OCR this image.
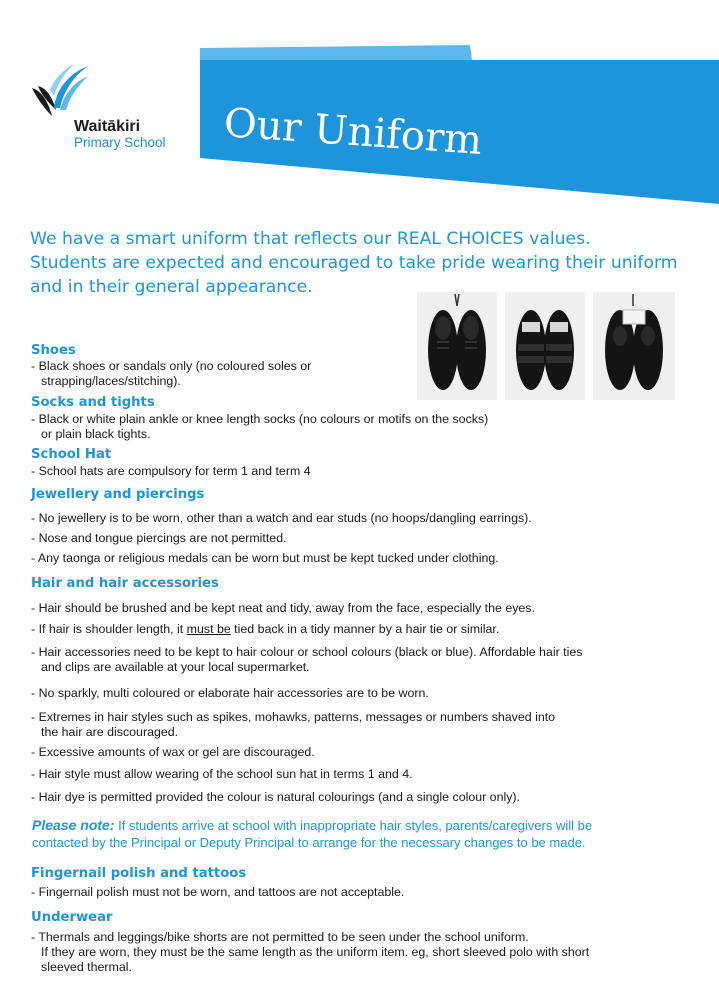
Our Uniform
Waitākiri
Primary School
We have a smart uniform that reflects our REAL CHOICES values.
Students are expected and encouraged to take pride wearing their uniform
and in their general appearance.
Shoes
- Black shoes or sandals only (no coloured soles or
strapping/laces/stitching).
Socks and tights
- Black or white plain ankle or knee length socks (no colours or motifs on the socks)
or plain black tights.
School Hat
- School hats are compulsory for term 1 and term 4
Jewellery and piercings
- No jewellery is to be worn, other than a watch and ear studs (no hoops/dangling earrings).
- Nose and tongue piercings are not permitted.
- Any taonga or religious medals can be worn but must be kept tucked under clothing.
Hair and hair accessories
- Hair should be brushed and be kept neat and tidy, away from the face, especially the eyes.
- If hair is shoulder length, it must be tied back in a tidy manner by a hair tie or similar.
- Hair accessories need to be kept to hair colour or school colours (black or blue). Affordable hair ties
and clips are available at your local supermarket.
- No sparkly, multi coloured or elaborate hair accessories are to be worn.
- Extremes in hair styles such as spikes, mohawks, patterns, messages or numbers shaved into
the hair are discouraged.
- Excessive amounts of wax or gel are discouraged.
- Hair style must allow wearing of the school sun hat in terms 1 and 4.
- Hair dye is permitted provided the colour is natural colourings (and a single colour only).
Please note: If students arrive at school with inappropriate hair styles, parents/caregivers will be
contacted by the Principal or Deputy Principal to arrange for the necessary changes to be made.
Fingernail polish and tattoos
- Fingernail polish must not be worn, and tattoos are not acceptable.
Underwear
- Thermals and leggings/bike shorts are not permitted to be seen under the school uniform.
If they are worn, they must be the same length as the uniform item. eg, short sleeved polo with short
sleeved thermal.
